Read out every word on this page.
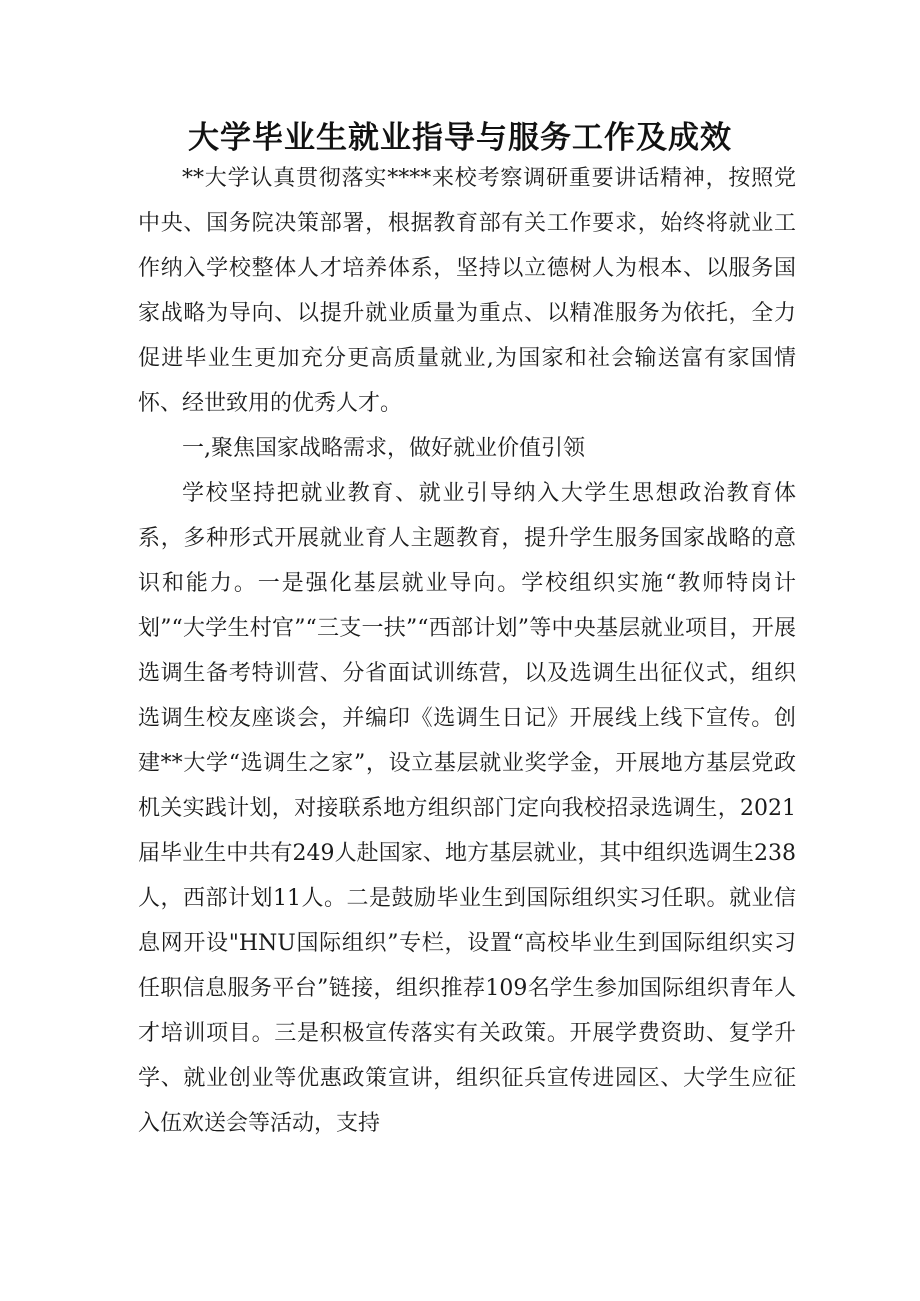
大学毕业生就业指导与服务工作及成效

**大学认真贯彻落实****来校考察调研重要讲话精神，按照党中央、国务院决策部署，根据教育部有关工作要求，始终将就业工作纳入学校整体人才培养体系，坚持以立德树人为根本、以服务国家战略为导向、以提升就业质量为重点、以精准服务为依托，全力促进毕业生更加充分更高质量就业,为国家和社会输送富有家国情怀、经世致用的优秀人才。

一,聚焦国家战略需求，做好就业价值引领

学校坚持把就业教育、就业引导纳入大学生思想政治教育体系，多种形式开展就业育人主题教育，提升学生服务国家战略的意识和能力。一是强化基层就业导向。学校组织实施“教师特岗计划”“大学生村官”“三支一扶”“西部计划”等中央基层就业项目，开展选调生备考特训营、分省面试训练营，以及选调生出征仪式，组织选调生校友座谈会，并编印《选调生日记》开展线上线下宣传。创建**大学“选调生之家”，设立基层就业奖学金，开展地方基层党政机关实践计划，对接联系地方组织部门定向我校招录选调生，2021届毕业生中共有249人赴国家、地方基层就业，其中组织选调生238人，西部计划11人。二是鼓励毕业生到国际组织实习任职。就业信息网开设"HNU国际组织”专栏，设置“高校毕业生到国际组织实习任职信息服务平台”链接，组织推荐109名学生参加国际组织青年人才培训项目。三是积极宣传落实有关政策。开展学费资助、复学升学、就业创业等优惠政策宣讲，组织征兵宣传进园区、大学生应征入伍欢送会等活动，支持
